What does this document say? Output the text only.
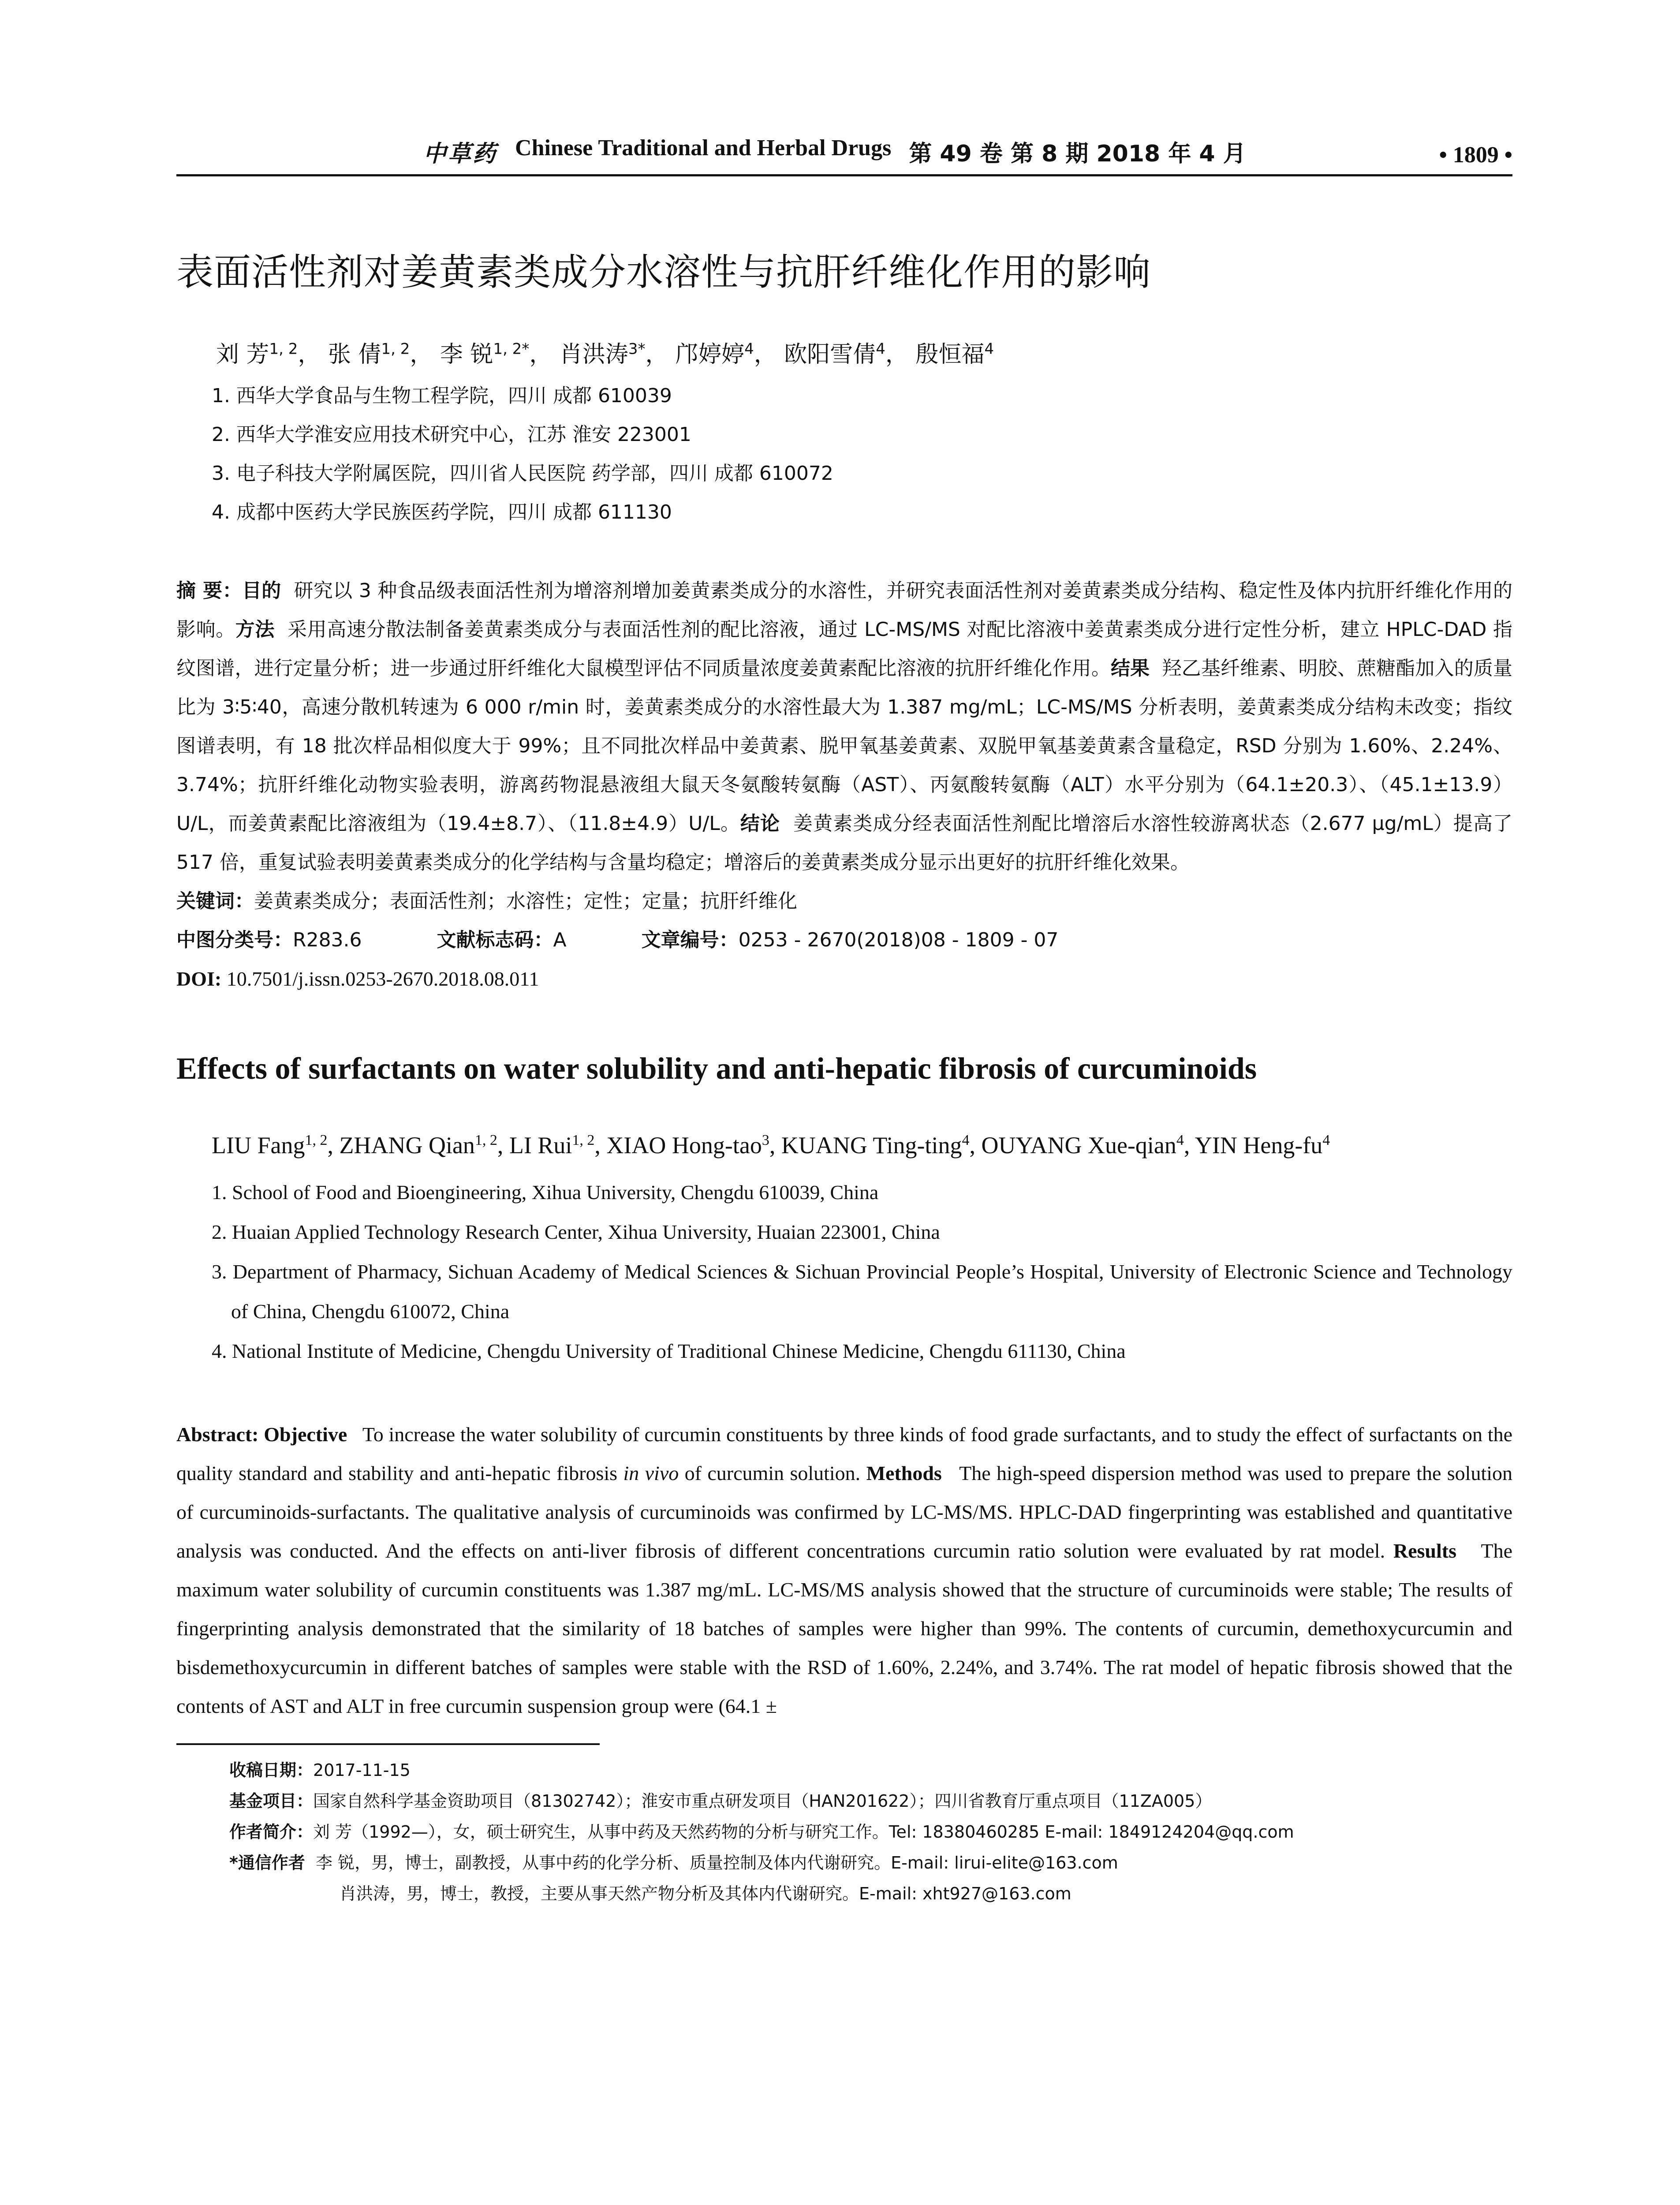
中草药 Chinese Traditional and Herbal Drugs 第 49 卷 第 8 期 2018 年 4 月	• 1809 •
表面活性剂对姜黄素类成分水溶性与抗肝纤维化作用的影响
刘 芳$^{1, 2}$， 张 倩$^{1, 2}$， 李 锐$^{1, 2*}$， 肖洪涛$^{3*}$， 邝婷婷$^4$， 欧阳雪倩$^4$， 殷恒福$^4$
1. 西华大学食品与生物工程学院，四川 成都 610039
2. 西华大学淮安应用技术研究中心，江苏 淮安 223001
3. 电子科技大学附属医院，四川省人民医院 药学部，四川 成都 610072
4. 成都中医药大学民族医药学院，四川 成都 611130
摘 要：目的 研究以 3 种食品级表面活性剂为增溶剂增加姜黄素类成分的水溶性，并研究表面活性剂对姜黄素类成分结构、稳定性及体内抗肝纤维化作用的影响。方法 采用高速分散法制备姜黄素类成分与表面活性剂的配比溶液，通过 LC-MS/MS 对配比溶液中姜黄素类成分进行定性分析，建立 HPLC-DAD 指纹图谱，进行定量分析；进一步通过肝纤维化大鼠模型评估不同质量浓度姜黄素配比溶液的抗肝纤维化作用。结果 羟乙基纤维素、明胶、蔗糖酯加入的质量比为 3∶5∶40，高速分散机转速为 6 000 r/min 时，姜黄素类成分的水溶性最大为 1.387 mg/mL；LC-MS/MS 分析表明，姜黄素类成分结构未改变；指纹图谱表明，有 18 批次样品相似度大于 99%；且不同批次样品中姜黄素、脱甲氧基姜黄素、双脱甲氧基姜黄素含量稳定，RSD 分别为 1.60%、2.24%、3.74%；抗肝纤维化动物实验表明，游离药物混悬液组大鼠天冬氨酸转氨酶（AST）、丙氨酸转氨酶（ALT）水平分别为（64.1±20.3）、（45.1±13.9）U/L，而姜黄素配比溶液组为（19.4±8.7）、（11.8±4.9）U/L。结论 姜黄素类成分经表面活性剂配比增溶后水溶性较游离状态（2.677 μg/mL）提高了 517 倍，重复试验表明姜黄素类成分的化学结构与含量均稳定；增溶后的姜黄素类成分显示出更好的抗肝纤维化效果。
关键词：姜黄素类成分；表面活性剂；水溶性；定性；定量；抗肝纤维化
中图分类号：R283.6	文献标志码：A	文章编号：0253 - 2670(2018)08 - 1809 - 07
DOI: 10.7501/j.issn.0253-2670.2018.08.011
Effects of surfactants on water solubility and anti-hepatic fibrosis of curcuminoids
LIU Fang$^{1, 2}$, ZHANG Qian$^{1, 2}$, LI Rui$^{1, 2}$, XIAO Hong-tao$^3$, KUANG Ting-ting$^4$, OUYANG Xue-qian$^4$, YIN Heng-$fu^4$
1. School of Food and Bioengineering, Xihua University, Chengdu 610039, China
2. Huaian Applied Technology Research Center, Xihua University, Huaian 223001, China
3. Department of Pharmacy, Sichuan Academy of Medical Sciences & Sichuan Provincial People’s Hospital, University of Electronic Science and Technology of China, Chengdu 610072, China
4. National Institute of Medicine, Chengdu University of Traditional Chinese Medicine, Chengdu 611130, China
Abstract: Objective To increase the water solubility of curcumin constituents by three kinds of food grade surfactants, and to study the effect of surfactants on the quality standard and stability and anti-hepatic fibrosis in vivo of curcumin solution. Methods The high-speed dispersion method was used to prepare the solution of curcuminoids-surfactants. The qualitative analysis of curcuminoids was confirmed by LC-MS/MS. HPLC-DAD fingerprinting was established and quantitative analysis was conducted. And the effects on anti-liver fibrosis of different concentrations curcumin ratio solution were evaluated by rat model. Results The maximum water solubility of curcumin constituents was 1.387 mg/mL. LC-MS/MS analysis showed that the structure of curcuminoids were stable; The results of fingerprinting analysis demonstrated that the similarity of 18 batches of samples were higher than 99%. The contents of curcumin, demethoxycurcumin and bisdemethoxycurcumin in different batches of samples were stable with the RSD of 1.60%, 2.24%, and 3.74%. The rat model of hepatic fibrosis showed that the contents of AST and ALT in free curcumin suspension group were (64.1 ±
收稿日期：2017-11-15
基金项目：国家自然科学基金资助项目（81302742）；淮安市重点研发项目（HAN201622）；四川省教育厅重点项目（11ZA005）
作者简介：刘 芳（1992—），女，硕士研究生，从事中药及天然药物的分析与研究工作。Tel: 18380460285 E-mail: 1849124204@qq.com
*通信作者 李 锐，男，博士，副教授，从事中药的化学分析、质量控制及体内代谢研究。E-mail: lirui-elite@163.com
肖洪涛，男，博士，教授，主要从事天然产物分析及其体内代谢研究。E-mail: xht927@163.com
